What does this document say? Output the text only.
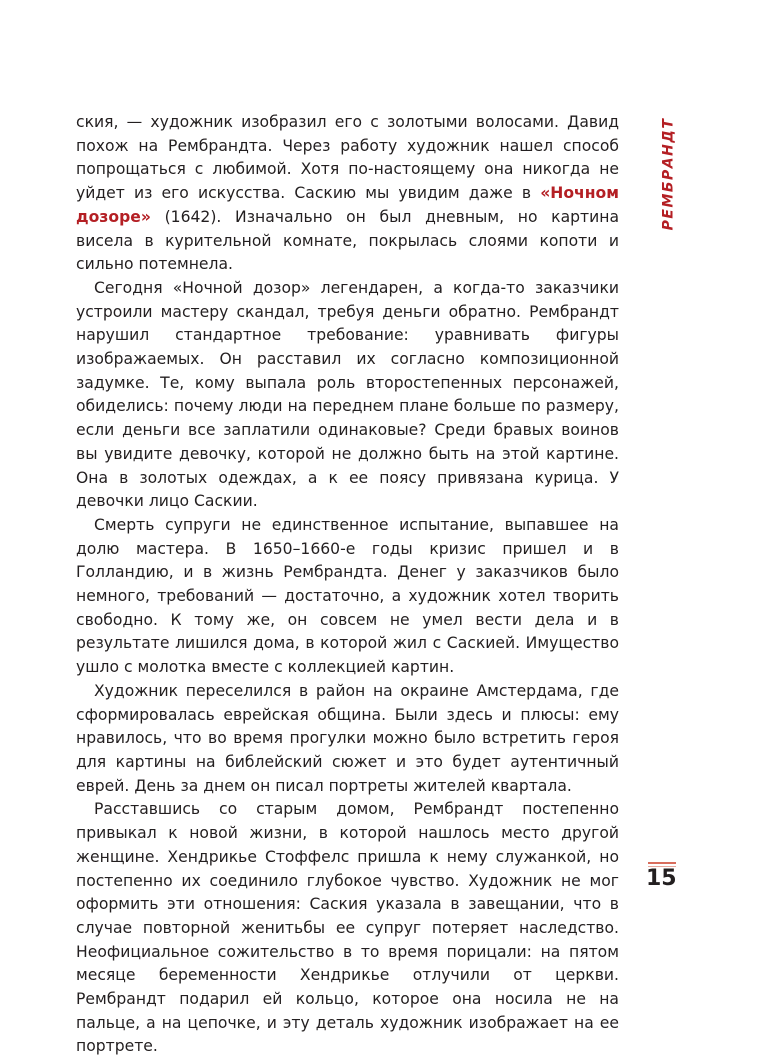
РЕМБРАНДТ

ския, — художник изобразил его с золотыми волосами. Давид похож на Рембрандта. Через работу художник нашел способ попрощаться с любимой. Хотя по-настоящему она никогда не уйдет из его искусства. Саскию мы увидим даже в «Ночном дозоре» (1642). Изначально он был дневным, но картина висела в курительной комнате, покрылась слоями копоти и сильно потемнела.

Сегодня «Ночной дозор» легендарен, а когда-то заказчики устроили мастеру скандал, требуя деньги обратно. Рембрандт нарушил стандартное требование: уравнивать фигуры изображаемых. Он расставил их согласно композиционной задумке. Те, кому выпала роль второстепенных персонажей, обиделись: почему люди на переднем плане больше по размеру, если деньги все заплатили одинаковые? Среди бравых воинов вы увидите девочку, которой не должно быть на этой картине. Она в золотых одеждах, а к ее поясу привязана курица. У девочки лицо Саскии.

Смерть супруги не единственное испытание, выпавшее на долю мастера. В 1650–1660-е годы кризис пришел и в Голландию, и в жизнь Рембрандта. Денег у заказчиков было немного, требований — достаточно, а художник хотел творить свободно. К тому же, он совсем не умел вести дела и в результате лишился дома, в которой жил с Саскией. Имущество ушло с молотка вместе с коллекцией картин.

Художник переселился в район на окраине Амстердама, где сформировалась еврейская община. Были здесь и плюсы: ему нравилось, что во время прогулки можно было встретить героя для картины на библейский сюжет и это будет аутентичный еврей. День за днем он писал портреты жителей квартала.

Расставшись со старым домом, Рембрандт постепенно привыкал к новой жизни, в которой нашлось место другой женщине. Хендрикье Стоффелс пришла к нему служанкой, но постепенно их соединило глубокое чувство. Художник не мог оформить эти отношения: Саския указала в завещании, что в случае повторной женитьбы ее супруг потеряет наследство. Неофициальное сожительство в то время порицали: на пятом месяце беременности Хендрикье отлучили от церкви. Рембрандт подарил ей кольцо, которое она носила не на пальце, а на цепочке, и эту деталь художник изображает на ее портрете.

15
